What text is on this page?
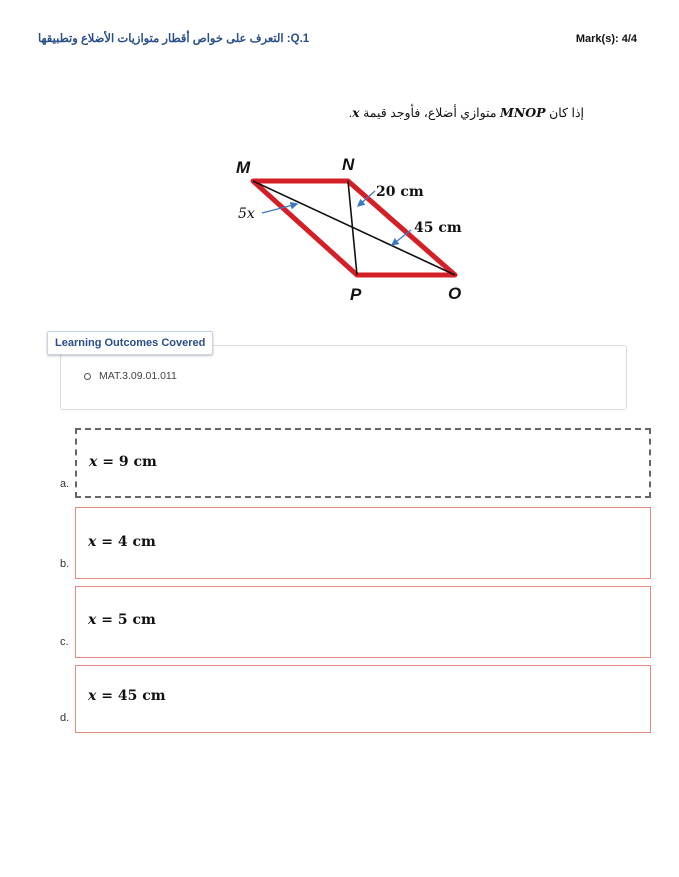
التعرف على خواص أقطار متوازيات الأضلاع وتطبيقها :Q.1	Mark(s): 4/4
إذا كان MNOP متوازي أضلاع، فأوجد قيمة x.
M	N
P	O
5x
20 cm
45 cm
Learning Outcomes Covered
MAT.3.09.01.011
x = 9 cm
a.
x = 4 cm
b.
x = 5 cm
c.
x = 45 cm
d.
